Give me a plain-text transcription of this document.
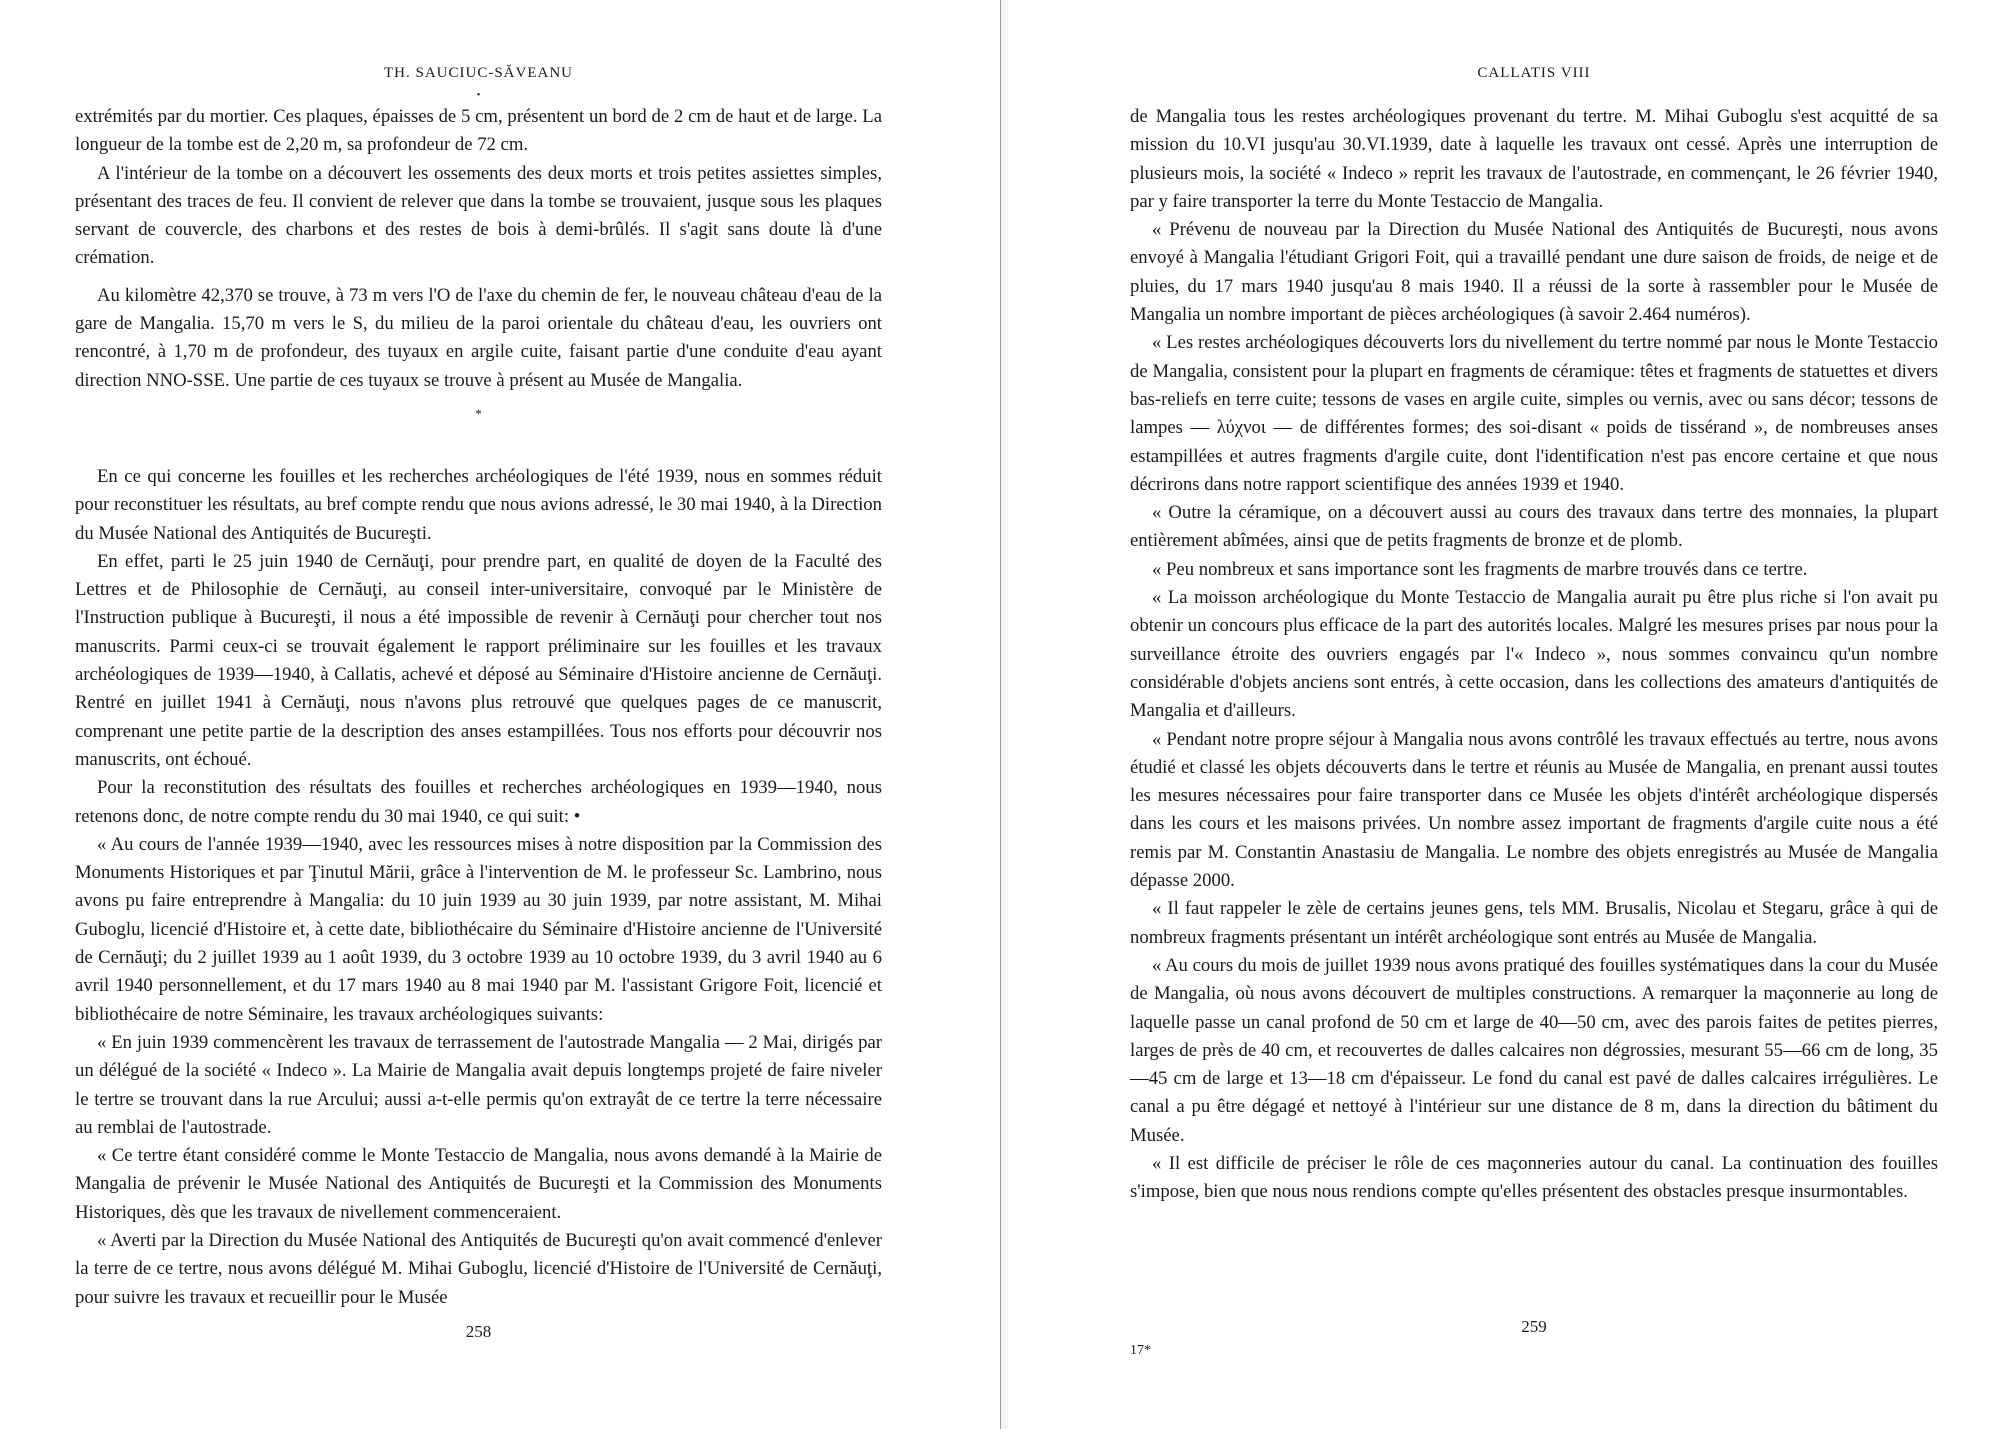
TH. SAUCIUC-SĂVEANU
•

extrémités par du mortier. Ces plaques, épaisses de 5 cm, présentent un bord de 2 cm de haut et de large. La longueur de la tombe est de 2,20 m, sa profondeur de 72 cm.

A l'intérieur de la tombe on a découvert les ossements des deux morts et trois petites assiettes simples, présentant des traces de feu. Il convient de relever que dans la tombe se trouvaient, jusque sous les plaques servant de couvercle, des charbons et des restes de bois à demi-brûlés. Il s'agit sans doute là d'une crémation.

Au kilomètre 42,370 se trouve, à 73 m vers l'O de l'axe du chemin de fer, le nouveau château d'eau de la gare de Mangalia. 15,70 m vers le S, du milieu de la paroi orientale du château d'eau, les ouvriers ont rencontré, à 1,70 m de profondeur, des tuyaux en argile cuite, faisant partie d'une conduite d'eau ayant direction NNO-SSE. Une partie de ces tuyaux se trouve à présent au Musée de Mangalia.

*

En ce qui concerne les fouilles et les recherches archéologiques de l'été 1939, nous en sommes réduit pour reconstituer les résultats, au bref compte rendu que nous avions adressé, le 30 mai 1940, à la Direction du Musée National des Antiquités de Bucureşti.

En effet, parti le 25 juin 1940 de Cernăuţi, pour prendre part, en qualité de doyen de la Faculté des Lettres et de Philosophie de Cernăuţi, au conseil inter-universitaire, convoqué par le Ministère de l'Instruction publique à Bucureşti, il nous a été impossible de revenir à Cernăuţi pour chercher tout nos manuscrits. Parmi ceux-ci se trouvait également le rapport préliminaire sur les fouilles et les travaux archéologiques de 1939—1940, à Callatis, achevé et déposé au Séminaire d'Histoire ancienne de Cernăuţi. Rentré en juillet 1941 à Cernăuţi, nous n'avons plus retrouvé que quelques pages de ce manuscrit, comprenant une petite partie de la description des anses estampillées. Tous nos efforts pour découvrir nos manuscrits, ont échoué.

Pour la reconstitution des résultats des fouilles et recherches archéologiques en 1939—1940, nous retenons donc, de notre compte rendu du 30 mai 1940, ce qui suit: •

« Au cours de l'année 1939—1940, avec les ressources mises à notre disposition par la Commission des Monuments Historiques et par Ţinutul Mării, grâce à l'intervention de M. le professeur Sc. Lambrino, nous avons pu faire entreprendre à Mangalia: du 10 juin 1939 au 30 juin 1939, par notre assistant, M. Mihai Guboglu, licencié d'Histoire et, à cette date, bibliothécaire du Séminaire d'Histoire ancienne de l'Université de Cernăuţi; du 2 juillet 1939 au 1 août 1939, du 3 octobre 1939 au 10 octobre 1939, du 3 avril 1940 au 6 avril 1940 personnellement, et du 17 mars 1940 au 8 mai 1940 par M. l'assistant Grigore Foit, licencié et bibliothécaire de notre Séminaire, les travaux archéologiques suivants:

« En juin 1939 commencèrent les travaux de terrassement de l'autostrade Mangalia — 2 Mai, dirigés par un délégué de la société « Indeco ». La Mairie de Mangalia avait depuis longtemps projeté de faire niveler le tertre se trouvant dans la rue Arcului; aussi a-t-elle permis qu'on extrayât de ce tertre la terre nécessaire au remblai de l'autostrade.

« Ce tertre étant considéré comme le Monte Testaccio de Mangalia, nous avons demandé à la Mairie de Mangalia de prévenir le Musée National des Antiquités de Bucureşti et la Commission des Monuments Historiques, dès que les travaux de nivellement commenceraient.

« Averti par la Direction du Musée National des Antiquités de Bucureşti qu'on avait commencé d'enlever la terre de ce tertre, nous avons délégué M. Mihai Guboglu, licencié d'Histoire de l'Université de Cernăuţi, pour suivre les travaux et recueillir pour le Musée

258
CALLATIS VIII

de Mangalia tous les restes archéologiques provenant du tertre. M. Mihai Guboglu s'est acquitté de sa mission du 10.VI jusqu'au 30.VI.1939, date à laquelle les travaux ont cessé. Après une interruption de plusieurs mois, la société « Indeco » reprit les travaux de l'autostrade, en commençant, le 26 février 1940, par y faire transporter la terre du Monte Testaccio de Mangalia.

« Prévenu de nouveau par la Direction du Musée National des Antiquités de Bucureşti, nous avons envoyé à Mangalia l'étudiant Grigori Foit, qui a travaillé pendant une dure saison de froids, de neige et de pluies, du 17 mars 1940 jusqu'au 8 mais 1940. Il a réussi de la sorte à rassembler pour le Musée de Mangalia un nombre important de pièces archéologiques (à savoir 2.464 numéros).

« Les restes archéologiques découverts lors du nivellement du tertre nommé par nous le Monte Testaccio de Mangalia, consistent pour la plupart en fragments de céramique: têtes et fragments de statuettes et divers bas-reliefs en terre cuite; tessons de vases en argile cuite, simples ou vernis, avec ou sans décor; tessons de lampes — λύχνοι — de différentes formes; des soi-disant « poids de tissérand », de nombreuses anses estampillées et autres fragments d'argile cuite, dont l'identification n'est pas encore certaine et que nous décrirons dans notre rapport scientifique des années 1939 et 1940.

« Outre la céramique, on a découvert aussi au cours des travaux dans tertre des monnaies, la plupart entièrement abîmées, ainsi que de petits fragments de bronze et de plomb.

« Peu nombreux et sans importance sont les fragments de marbre trouvés dans ce tertre.

« La moisson archéologique du Monte Testaccio de Mangalia aurait pu être plus riche si l'on avait pu obtenir un concours plus efficace de la part des autorités locales. Malgré les mesures prises par nous pour la surveillance étroite des ouvriers engagés par l'« Indeco », nous sommes convaincu qu'un nombre considérable d'objets anciens sont entrés, à cette occasion, dans les collections des amateurs d'antiquités de Mangalia et d'ailleurs.

« Pendant notre propre séjour à Mangalia nous avons contrôlé les travaux effectués au tertre, nous avons étudié et classé les objets découverts dans le tertre et réunis au Musée de Mangalia, en prenant aussi toutes les mesures nécessaires pour faire transporter dans ce Musée les objets d'intérêt archéologique dispersés dans les cours et les maisons privées. Un nombre assez important de fragments d'argile cuite nous a été remis par M. Constantin Anastasiu de Mangalia. Le nombre des objets enregistrés au Musée de Mangalia dépasse 2000.

« Il faut rappeler le zèle de certains jeunes gens, tels MM. Brusalis, Nicolau et Stegaru, grâce à qui de nombreux fragments présentant un intérêt archéologique sont entrés au Musée de Mangalia.

« Au cours du mois de juillet 1939 nous avons pratiqué des fouilles systématiques dans la cour du Musée de Mangalia, où nous avons découvert de multiples constructions. A remarquer la maçonnerie au long de laquelle passe un canal profond de 50 cm et large de 40—50 cm, avec des parois faites de petites pierres, larges de près de 40 cm, et recouvertes de dalles calcaires non dégrossies, mesurant 55—66 cm de long, 35—45 cm de large et 13—18 cm d'épaisseur. Le fond du canal est pavé de dalles calcaires irrégulières. Le canal a pu être dégagé et nettoyé à l'intérieur sur une distance de 8 m, dans la direction du bâtiment du Musée.

« Il est difficile de préciser le rôle de ces maçonneries autour du canal. La continuation des fouilles s'impose, bien que nous nous rendions compte qu'elles présentent des obstacles presque insurmontables.

259
17*
